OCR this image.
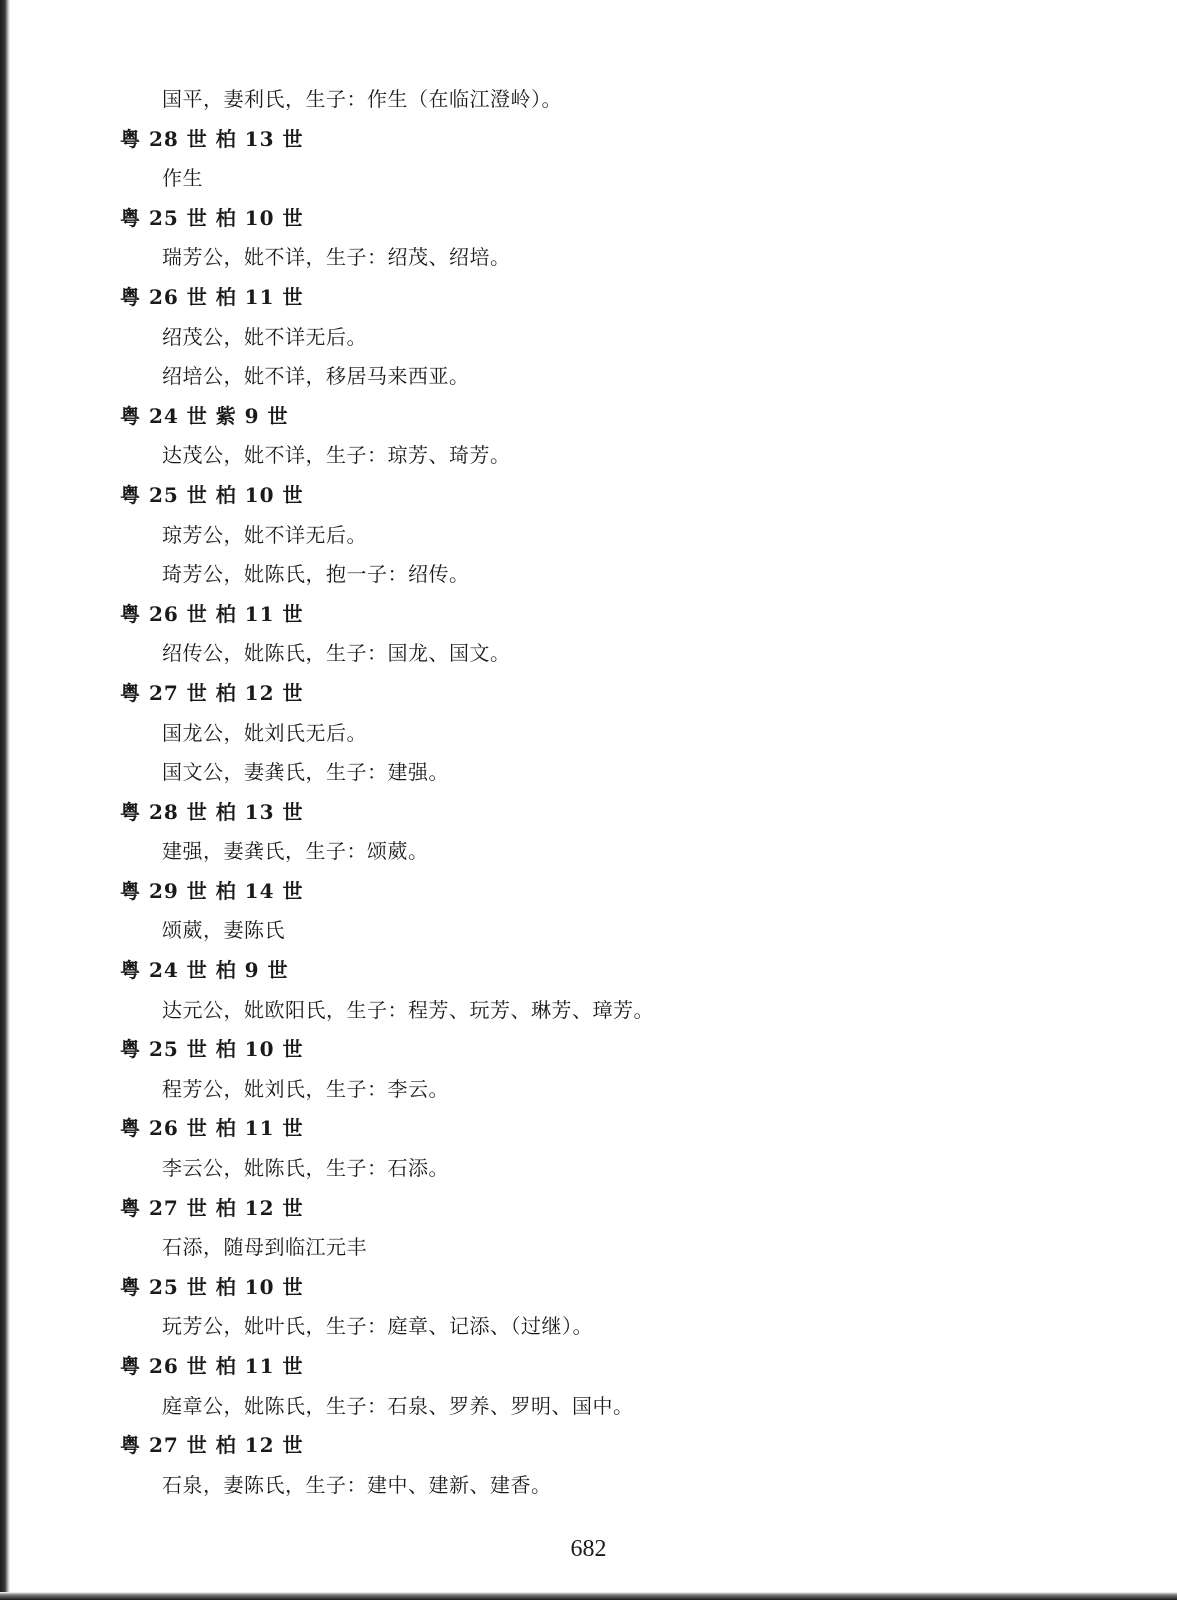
国平，妻利氏，生子：作生（在临江澄岭）。
粤 28 世 柏 13 世
作生
粤 25 世 柏 10 世
瑞芳公，妣不详，生子：绍茂、绍培。
粤 26 世 柏 11 世
绍茂公，妣不详无后。
绍培公，妣不详，移居马来西亚。
粤 24 世 紫 9 世
达茂公，妣不详，生子：琼芳、琦芳。
粤 25 世 柏 10 世
琼芳公，妣不详无后。
琦芳公，妣陈氏，抱一子：绍传。
粤 26 世 柏 11 世
绍传公，妣陈氏，生子：国龙、国文。
粤 27 世 柏 12 世
国龙公，妣刘氏无后。
国文公，妻龚氏，生子：建强。
粤 28 世 柏 13 世
建强，妻龚氏，生子：颂葳。
粤 29 世 柏 14 世
颂葳，妻陈氏
粤 24 世 柏 9 世
达元公，妣欧阳氏，生子：程芳、玩芳、琳芳、璋芳。
粤 25 世 柏 10 世
程芳公，妣刘氏，生子：李云。
粤 26 世 柏 11 世
李云公，妣陈氏，生子：石添。
粤 27 世 柏 12 世
石添，随母到临江元丰
粤 25 世 柏 10 世
玩芳公，妣叶氏，生子：庭章、记添、（过继）。
粤 26 世 柏 11 世
庭章公，妣陈氏，生子：石泉、罗养、罗明、国中。
粤 27 世 柏 12 世
石泉，妻陈氏，生子：建中、建新、建香。
682
